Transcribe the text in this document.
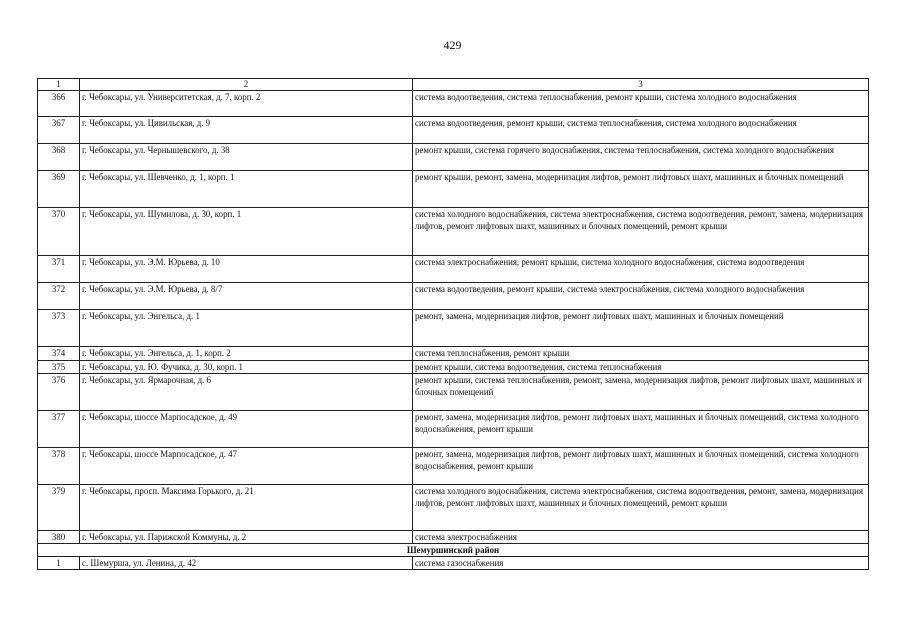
429
1	2	3
366	г. Чебоксары, ул. Университетская, д. 7, корп. 2	система водоотведения, система теплоснабжения, ремонт крыши, система холодного водоснабжения
367	г. Чебоксары, ул. Цивильская, д. 9	система водоотведения, ремонт крыши, система теплоснабжения, система холодного водоснабжения
368	г. Чебоксары, ул. Чернышевского, д. 38	ремонт крыши, система горячего водоснабжения, система теплоснабжения, система холодного водоснабжения
369	г. Чебоксары, ул. Шевченко, д. 1, корп. 1	ремонт крыши, ремонт, замена, модернизация лифтов, ремонт лифтовых шахт, машинных и блочных помещений
370	г. Чебоксары, ул. Шумилова, д. 30, корп. 1	система холодного водоснабжения, система электроснабжения, система водоотведения, ремонт, замена, модернизация лифтов, ремонт лифтовых шахт, машинных и блочных помещений, ремонт крыши
371	г. Чебоксары, ул. Э.М. Юрьева, д. 10	система электроснабжения, ремонт крыши, система холодного водоснабжения, система водоотведения
372	г. Чебоксары, ул. Э.М. Юрьева, д. 8/7	система водоотведения, ремонт крыши, система электроснабжения, система холодного водоснабжения
373	г. Чебоксары, ул. Энгельса, д. 1	ремонт, замена, модернизация лифтов, ремонт лифтовых шахт, машинных и блочных помещений
374	г. Чебоксары, ул. Энгельса, д. 1, корп. 2	система теплоснабжения, ремонт крыши
375	г. Чебоксары, ул. Ю. Фучика, д. 30, корп. 1	ремонт крыши, система водоотведения, система теплоснабжения
376	г. Чебоксары, ул. Ярмарочная, д. 6	ремонт крыши, система теплоснабжения, ремонт, замена, модернизация лифтов, ремонт лифтовых шахт, машинных и блочных помещений
377	г. Чебоксары, шоссе Марпосадское, д. 49	ремонт, замена, модернизация лифтов, ремонт лифтовых шахт, машинных и блочных помещений, система холодного водоснабжения, ремонт крыши
378	г. Чебоксары, шоссе Марпосадское, д. 47	ремонт, замена, модернизация лифтов, ремонт лифтовых шахт, машинных и блочных помещений, система холодного водоснабжения, ремонт крыши
379	г. Чебоксары, просп. Максима Горького, д. 21	система холодного водоснабжения, система электроснабжения, система водоотведения, ремонт, замена, модернизация лифтов, ремонт лифтовых шахт, машинных и блочных помещений, ремонт крыши
380	г. Чебоксары, ул. Парижской Коммуны, д. 2	система электроснабжения
Шемуршинский район		
1	с. Шемурша, ул. Ленина, д. 42	система газоснабжения
